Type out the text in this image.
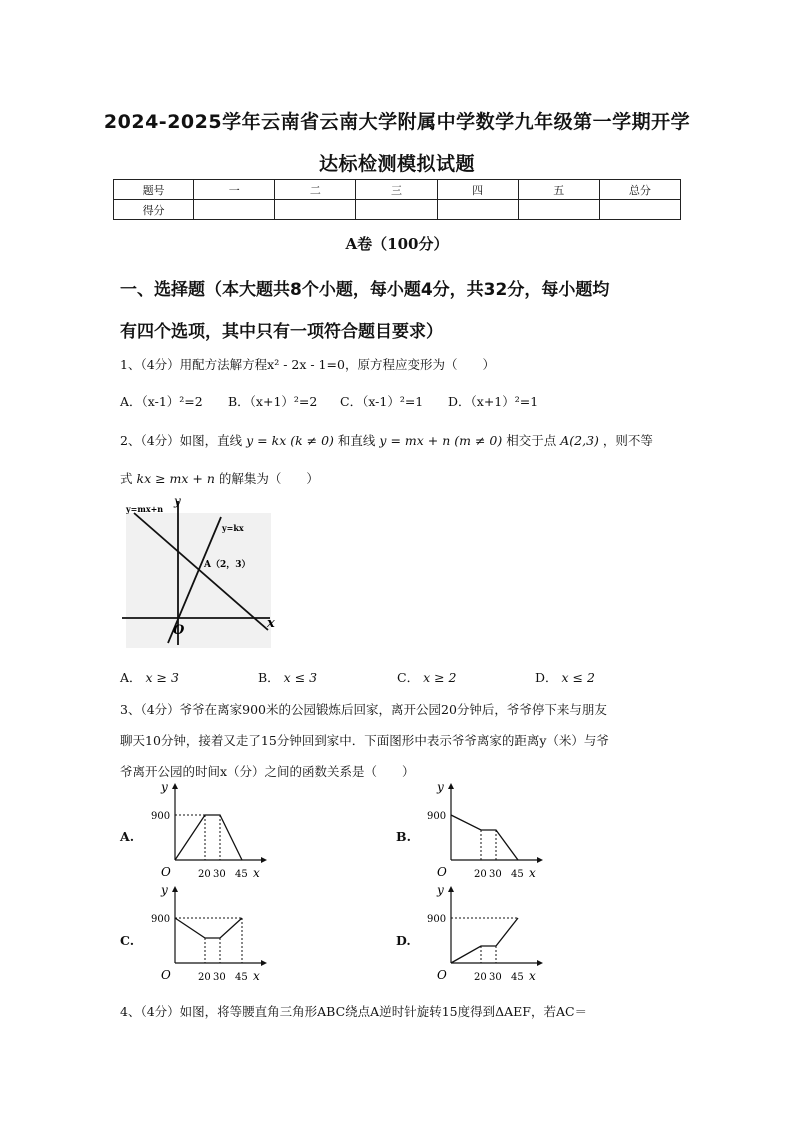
2024-2025学年云南省云南大学附属中学数学九年级第一学期开学
达标检测模拟试题
题号	一	二	三	四	五	总分
得分						
A卷（100分）
一、选择题（本大题共8个小题，每小题4分，共32分，每小题均
有四个选项，其中只有一项符合题目要求）
1、（4分）用配方法解方程x² - 2x - 1=0，原方程应变形为（　　）
A．（x-1）²=2 B．（x+1）²=2 C．（x-1）²=1 D．（x+1）²=1
2、（4分）如图，直线 y = kx (k ≠ 0) 和直线 y = mx + n (m ≠ 0) 相交于点 A(2,3) ，则不等
式 kx ≥ mx + n 的解集为（　　）
y=mx+n
y
y=kx
A（2，3）
O	x
A． x ≥ 3	B． x ≤ 3	C． x ≥ 2	D． x ≤ 2
3、（4分）爷爷在离家900米的公园锻炼后回家，离开公园20分钟后，爷爷停下来与朋友
聊天10分钟，接着又走了15分钟回到家中．下面图形中表示爷爷离家的距离y（米）与爷
爷离开公园的时间x（分）之间的函数关系是（　　）
A.	B.
C.	D.
y
900
O	20 30 45 x
y
900
O	20 30 45 x
y
900
O	20 30 45 x
y
900
O	20 30 45 x
4、（4分）如图，将等腰直角三角形ABC绕点A逆时针旋转15度得到ΔAEF，若AC＝
